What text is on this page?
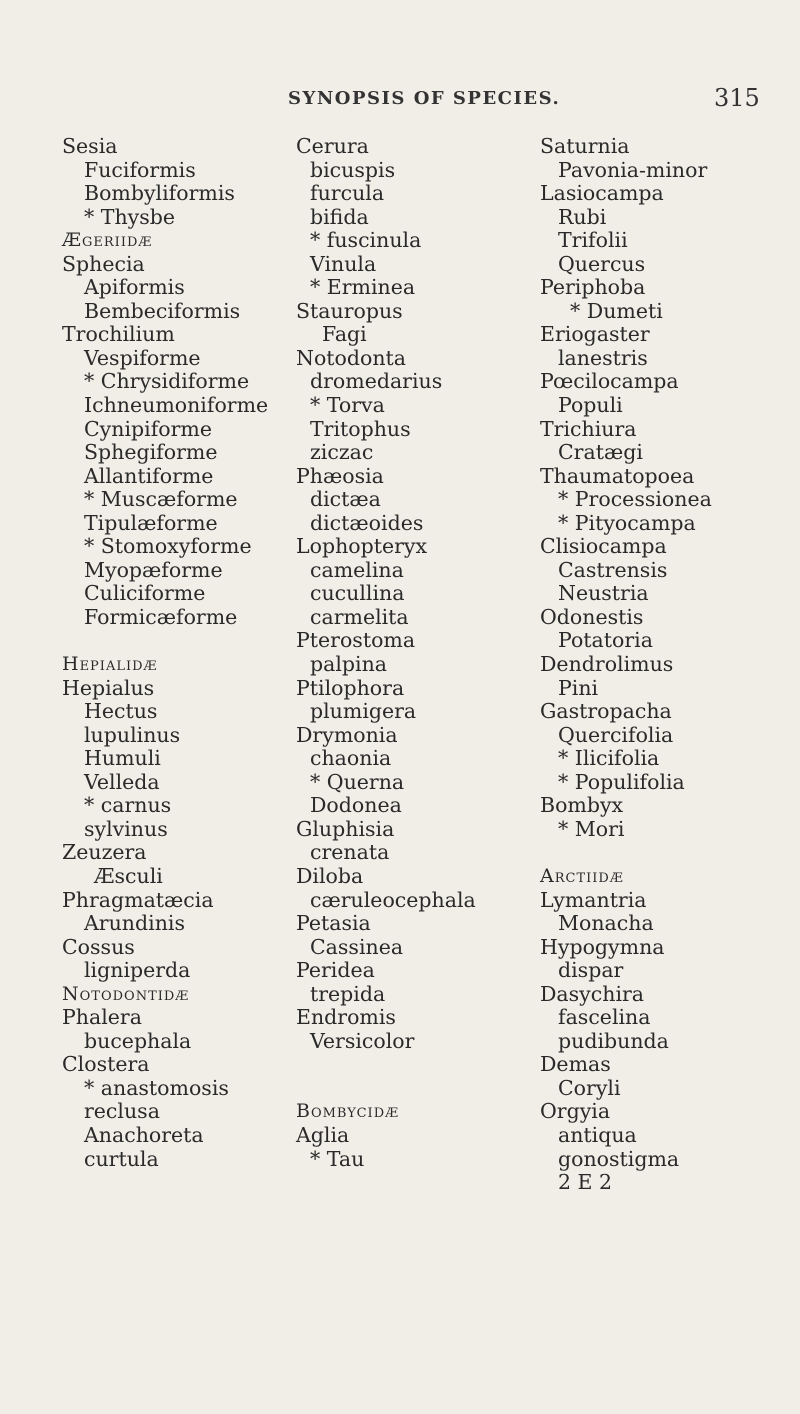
SYNOPSIS OF SPECIES.	315
Sesia
Fuciformis
Bombyliformis
* Thysbe
Ægeriidæ
Sphecia
Apiformis
Bembeciformis
Trochilium
Vespiforme
* Chrysidiforme
Ichneumoniforme
Cynipiforme
Sphegiforme
Allantiforme
* Muscæforme
Tipulæforme
* Stomoxyforme
Myopæforme
Culiciforme
Formicæforme
Hepialidæ
Hepialus
Hectus
lupulinus
Humuli
Velleda
* carnus
sylvinus
Zeuzera
Æsculi
Phragmatæcia
Arundinis
Cossus
ligniperda
Notodontidæ
Phalera
bucephala
Clostera
* anastomosis
reclusa
Anachoreta
curtula
Cerura
bicuspis
furcula
bifida
* fuscinula
Vinula
* Erminea
Stauropus
Fagi
Notodonta
dromedarius
* Torva
Tritophus
ziczac
Phæosia
dictæa
dictæoides
Lophopteryx
camelina
cucullina
carmelita
Pterostoma
palpina
Ptilophora
plumigera
Drymonia
chaonia
* Querna
Dodonea
Gluphisia
crenata
Diloba
cæruleocephala
Petasia
Cassinea
Peridea
trepida
Endromis
Versicolor
Bombycidæ
Aglia
* Tau
Saturnia
Pavonia-minor
Lasiocampa
Rubi
Trifolii
Quercus
Periphoba
* Dumeti
Eriogaster
lanestris
Pœcilocampa
Populi
Trichiura
Cratægi
Thaumatopoea
* Processionea
* Pityocampa
Clisiocampa
Castrensis
Neustria
Odonestis
Potatoria
Dendrolimus
Pini
Gastropacha
Quercifolia
* Ilicifolia
* Populifolia
Bombyx
* Mori
Arctiidæ
Lymantria
Monacha
Hypogymna
dispar
Dasychira
fascelina
pudibunda
Demas
Coryli
Orgyia
antiqua
gonostigma
2 E 2
